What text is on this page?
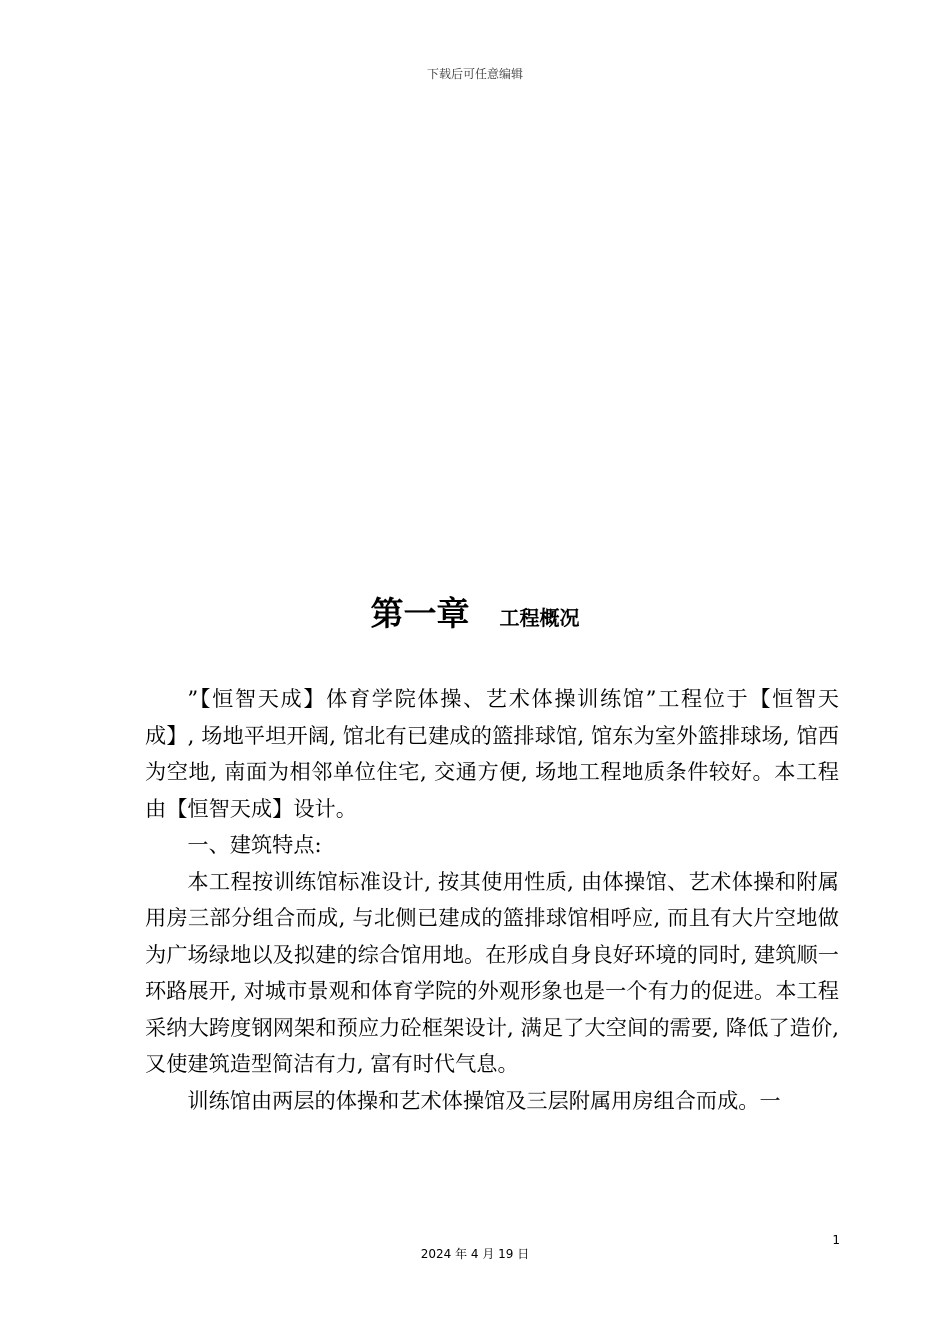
下载后可任意编辑
第一章 工程概况

”【恒智天成】体育学院体操、艺术体操训练馆”工程位于【恒智天成】, 场地平坦开阔, 馆北有已建成的篮排球馆, 馆东为室外篮排球场, 馆西为空地, 南面为相邻单位住宅, 交通方便, 场地工程地质条件较好。本工程由【恒智天成】设计。

一、建筑特点:

本工程按训练馆标准设计, 按其使用性质, 由体操馆、艺术体操和附属用房三部分组合而成, 与北侧已建成的篮排球馆相呼应, 而且有大片空地做为广场绿地以及拟建的综合馆用地。在形成自身良好环境的同时, 建筑顺一环路展开, 对城市景观和体育学院的外观形象也是一个有力的促进。本工程采纳大跨度钢网架和预应力砼框架设计, 满足了大空间的需要, 降低了造价, 又使建筑造型简洁有力, 富有时代气息。

训练馆由两层的体操和艺术体操馆及三层附属用房组合而成。一

1
2024 年 4 月 19 日
